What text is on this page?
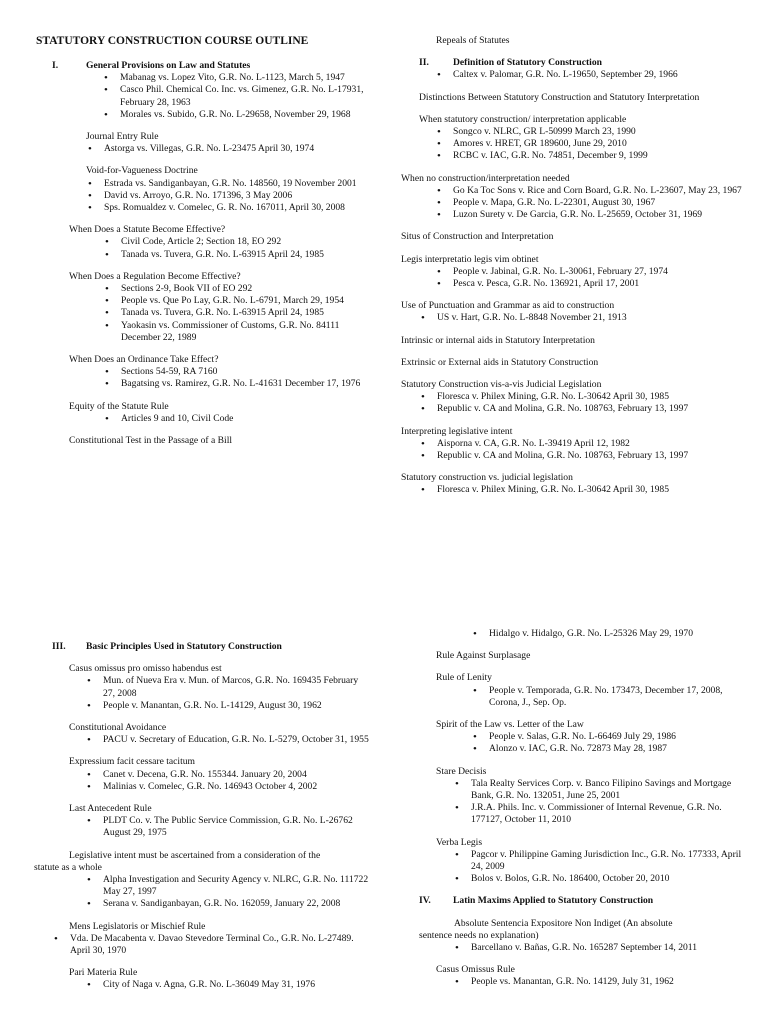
STATUTORY CONSTRUCTION COURSE OUTLINE
I.	General Provisions on Law and Statutes
• Mabanag vs. Lopez Vito, G.R. No. L-1123, March 5, 1947
• Casco Phil. Chemical Co. Inc. vs. Gimenez, G.R. No. L-17931, February 28, 1963
• Morales vs. Subido, G.R. No. L-29658, November 29, 1968
Journal Entry Rule
• Astorga vs. Villegas, G.R. No. L-23475 April 30, 1974
Void-for-Vagueness Doctrine
• Estrada vs. Sandiganbayan, G.R. No. 148560, 19 November 2001
• David vs. Arroyo, G.R. No. 171396, 3 May 2006
• Sps. Romualdez v. Comelec, G. R. No. 167011, April 30, 2008
When Does a Statute Become Effective?
• Civil Code, Article 2; Section 18, EO 292
• Tanada vs. Tuvera, G.R. No. L-63915 April 24, 1985
When Does a Regulation Become Effective?
• Sections 2-9, Book VII of EO 292
• People vs. Que Po Lay, G.R. No. L-6791, March 29, 1954
• Tanada vs. Tuvera, G.R. No. L-63915 April 24, 1985
• Yaokasin vs. Commissioner of Customs, G.R. No. 84111 December 22, 1989
When Does an Ordinance Take Effect?
• Sections 54-59, RA 7160
• Bagatsing vs. Ramirez, G.R. No. L-41631 December 17, 1976
Equity of the Statute Rule
• Articles 9 and 10, Civil Code
Constitutional Test in the Passage of a Bill
Repeals of Statutes
II.	Definition of Statutory Construction
• Caltex v. Palomar, G.R. No. L-19650, September 29, 1966
Distinctions Between Statutory Construction and Statutory Interpretation
When statutory construction/ interpretation applicable
• Songco v. NLRC, GR L-50999 March 23, 1990
• Amores v. HRET, GR 189600, June 29, 2010
• RCBC v. IAC, G.R. No. 74851, December 9, 1999
When no construction/interpretation needed
• Go Ka Toc Sons v. Rice and Corn Board, G.R. No. L-23607, May 23, 1967
• People v. Mapa, G.R. No. L-22301, August 30, 1967
• Luzon Surety v. De Garcia, G.R. No. L-25659, October 31, 1969
Situs of Construction and Interpretation
Legis interpretatio legis vim obtinet
• People v. Jabinal, G.R. No. L-30061, February 27, 1974
• Pesca v. Pesca, G.R. No. 136921, April 17, 2001
Use of Punctuation and Grammar as aid to construction
• US v. Hart, G.R. No. L-8848 November 21, 1913
Intrinsic or internal aids in Statutory Interpretation
Extrinsic or External aids in Statutory Construction
Statutory Construction vis-a-vis Judicial Legislation
• Floresca v. Philex Mining, G.R. No. L-30642 April 30, 1985
• Republic v. CA and Molina, G.R. No. 108763, February 13, 1997
Interpreting legislative intent
• Aisporna v. CA, G.R. No. L-39419 April 12, 1982
• Republic v. CA and Molina, G.R. No. 108763, February 13, 1997
Statutory construction vs. judicial legislation
• Floresca v. Philex Mining, G.R. No. L-30642 April 30, 1985
III.	Basic Principles Used in Statutory Construction
Casus omissus pro omisso habendus est
• Mun. of Nueva Era v. Mun. of Marcos, G.R. No. 169435 February 27, 2008
• People v. Manantan, G.R. No. L-14129, August 30, 1962
Constitutional Avoidance
• PACU v. Secretary of Education, G.R. No. L-5279, October 31, 1955
Expressium facit cessare tacitum
• Canet v. Decena, G.R. No. 155344. January 20, 2004
• Malinias v. Comelec, G.R. No. 146943 October 4, 2002
Last Antecedent Rule
• PLDT Co. v. The Public Service Commission, G.R. No. L-26762 August 29, 1975
Legislative intent must be ascertained from a consideration of the
statute as a whole
• Alpha Investigation and Security Agency v. NLRC, G.R. No. 111722 May 27, 1997
• Serana v. Sandiganbayan, G.R. No. 162059, January 22, 2008
Mens Legislatoris or Mischief Rule
• Vda. De Macabenta v. Davao Stevedore Terminal Co., G.R. No. L-27489. April 30, 1970
Pari Materia Rule
• City of Naga v. Agna, G.R. No. L-36049 May 31, 1976
• Hidalgo v. Hidalgo, G.R. No. L-25326 May 29, 1970
Rule Against Surplasage
Rule of Lenity
• People v. Temporada, G.R. No. 173473, December 17, 2008, Corona, J., Sep. Op.
Spirit of the Law vs. Letter of the Law
• People v. Salas, G.R. No. L-66469 July 29, 1986
• Alonzo v. IAC, G.R. No. 72873 May 28, 1987
Stare Decisis
• Tala Realty Services Corp. v. Banco Filipino Savings and Mortgage Bank, G.R. No. 132051, June 25, 2001
• J.R.A. Phils. Inc. v. Commissioner of Internal Revenue, G.R. No. 177127, October 11, 2010
Verba Legis
• Pagcor v. Philippine Gaming Jurisdiction Inc., G.R. No. 177333, April 24, 2009
• Bolos v. Bolos, G.R. No. 186400, October 20, 2010
IV.	Latin Maxims Applied to Statutory Construction
Absolute Sentencia Expositore Non Indiget (An absolute
sentence needs no explanation)
• Barcellano v. Bañas, G.R. No. 165287 September 14, 2011
Casus Omissus Rule
• People vs. Manantan, G.R. No. 14129, July 31, 1962
